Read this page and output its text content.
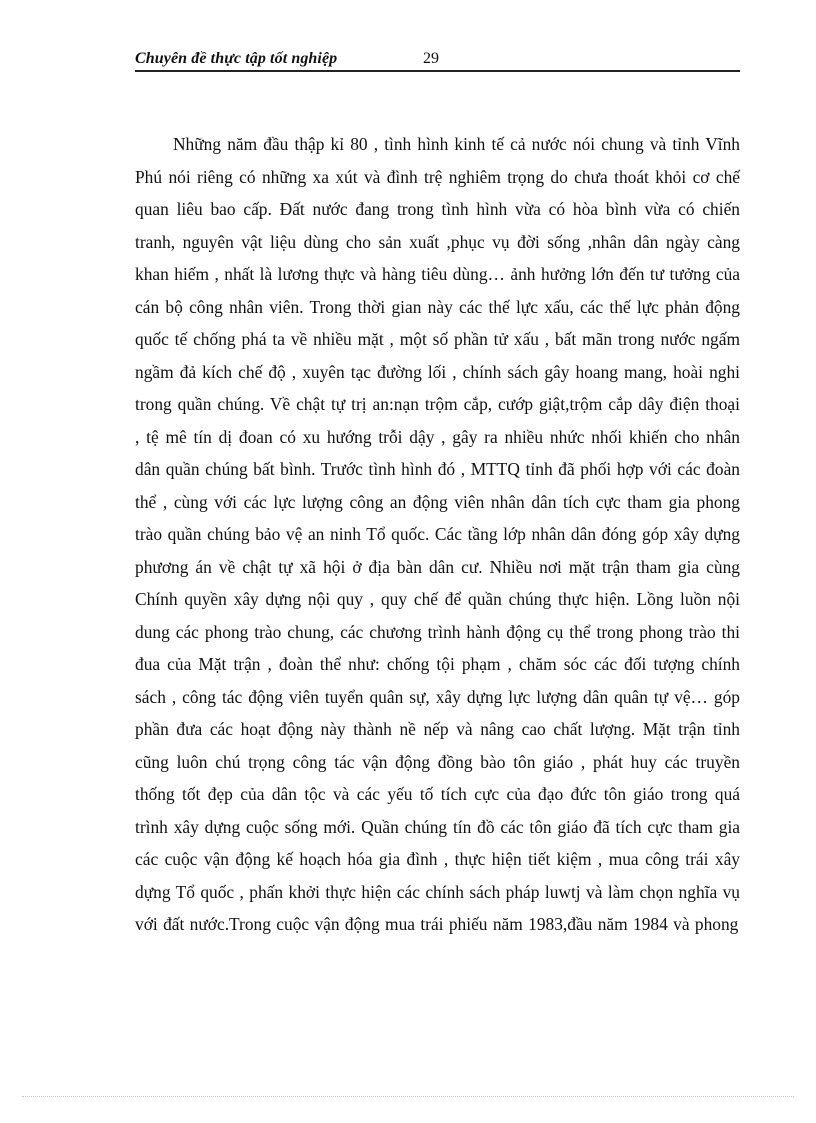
Chuyên đề thực tập tốt nghiệp	29

Những năm đầu thập kỉ 80 , tình hình kinh tế cả nước nói chung và tỉnh Vĩnh Phú nói riêng có những xa xút và đình trệ nghiêm trọng do chưa thoát khỏi cơ chế quan liêu bao cấp. Đất nước đang trong tình hình vừa có hòa bình vừa có chiến tranh, nguyên vật liệu dùng cho sản xuất ,phục vụ đời sống ,nhân dân ngày càng khan hiếm , nhất là lương thực và hàng tiêu dùng… ảnh hưởng lớn đến tư tưởng của cán bộ công nhân viên. Trong thời gian này các thế lực xấu, các thế lực phản động quốc tế chống phá ta về nhiều mặt , một số phần tử xấu , bất mãn trong nước ngấm ngầm đả kích chế độ , xuyên tạc đường lối , chính sách gây hoang mang, hoài nghi trong quần chúng. Về chật tự trị an:nạn trộm cắp, cướp giật,trộm cắp dây điện thoại , tệ mê tín dị đoan có xu hướng trỗi dậy , gây ra nhiều nhức nhối khiến cho nhân dân quần chúng bất bình. Trước tình hình đó , MTTQ tỉnh đã phối hợp với các đoàn thể , cùng với các lực lượng công an động viên nhân dân tích cực tham gia phong trào quần chúng bảo vệ an ninh Tổ quốc. Các tầng lớp nhân dân đóng góp xây dựng phương án về chật tự xã hội ở địa bàn dân cư. Nhiều nơi mặt trận tham gia cùng Chính quyền xây dựng nội quy , quy chế để quần chúng thực hiện. Lồng luồn nội dung các phong trào chung, các chương trình hành động cụ thể trong phong trào thi đua của Mặt trận , đoàn thể như: chống tội phạm , chăm sóc các đối tượng chính sách , công tác động viên tuyển quân sự, xây dựng lực lượng dân quân tự vệ… góp phần đưa các hoạt động này thành nề nếp và nâng cao chất lượng. Mặt trận tỉnh cũng luôn chú trọng công tác vận động đồng bào tôn giáo , phát huy các truyền thống tốt đẹp của dân tộc và các yếu tố tích cực của đạo đức tôn giáo trong quá trình xây dựng cuộc sống mới. Quần chúng tín đồ các tôn giáo đã tích cực tham gia các cuộc vận động kế hoạch hóa gia đình , thực hiện tiết kiệm , mua công trái xây dựng Tổ quốc , phấn khởi thực hiện các chính sách pháp luwtj và làm chọn nghĩa vụ với đất nước.Trong cuộc vận động mua trái phiếu năm 1983,đầu năm 1984 và phong
